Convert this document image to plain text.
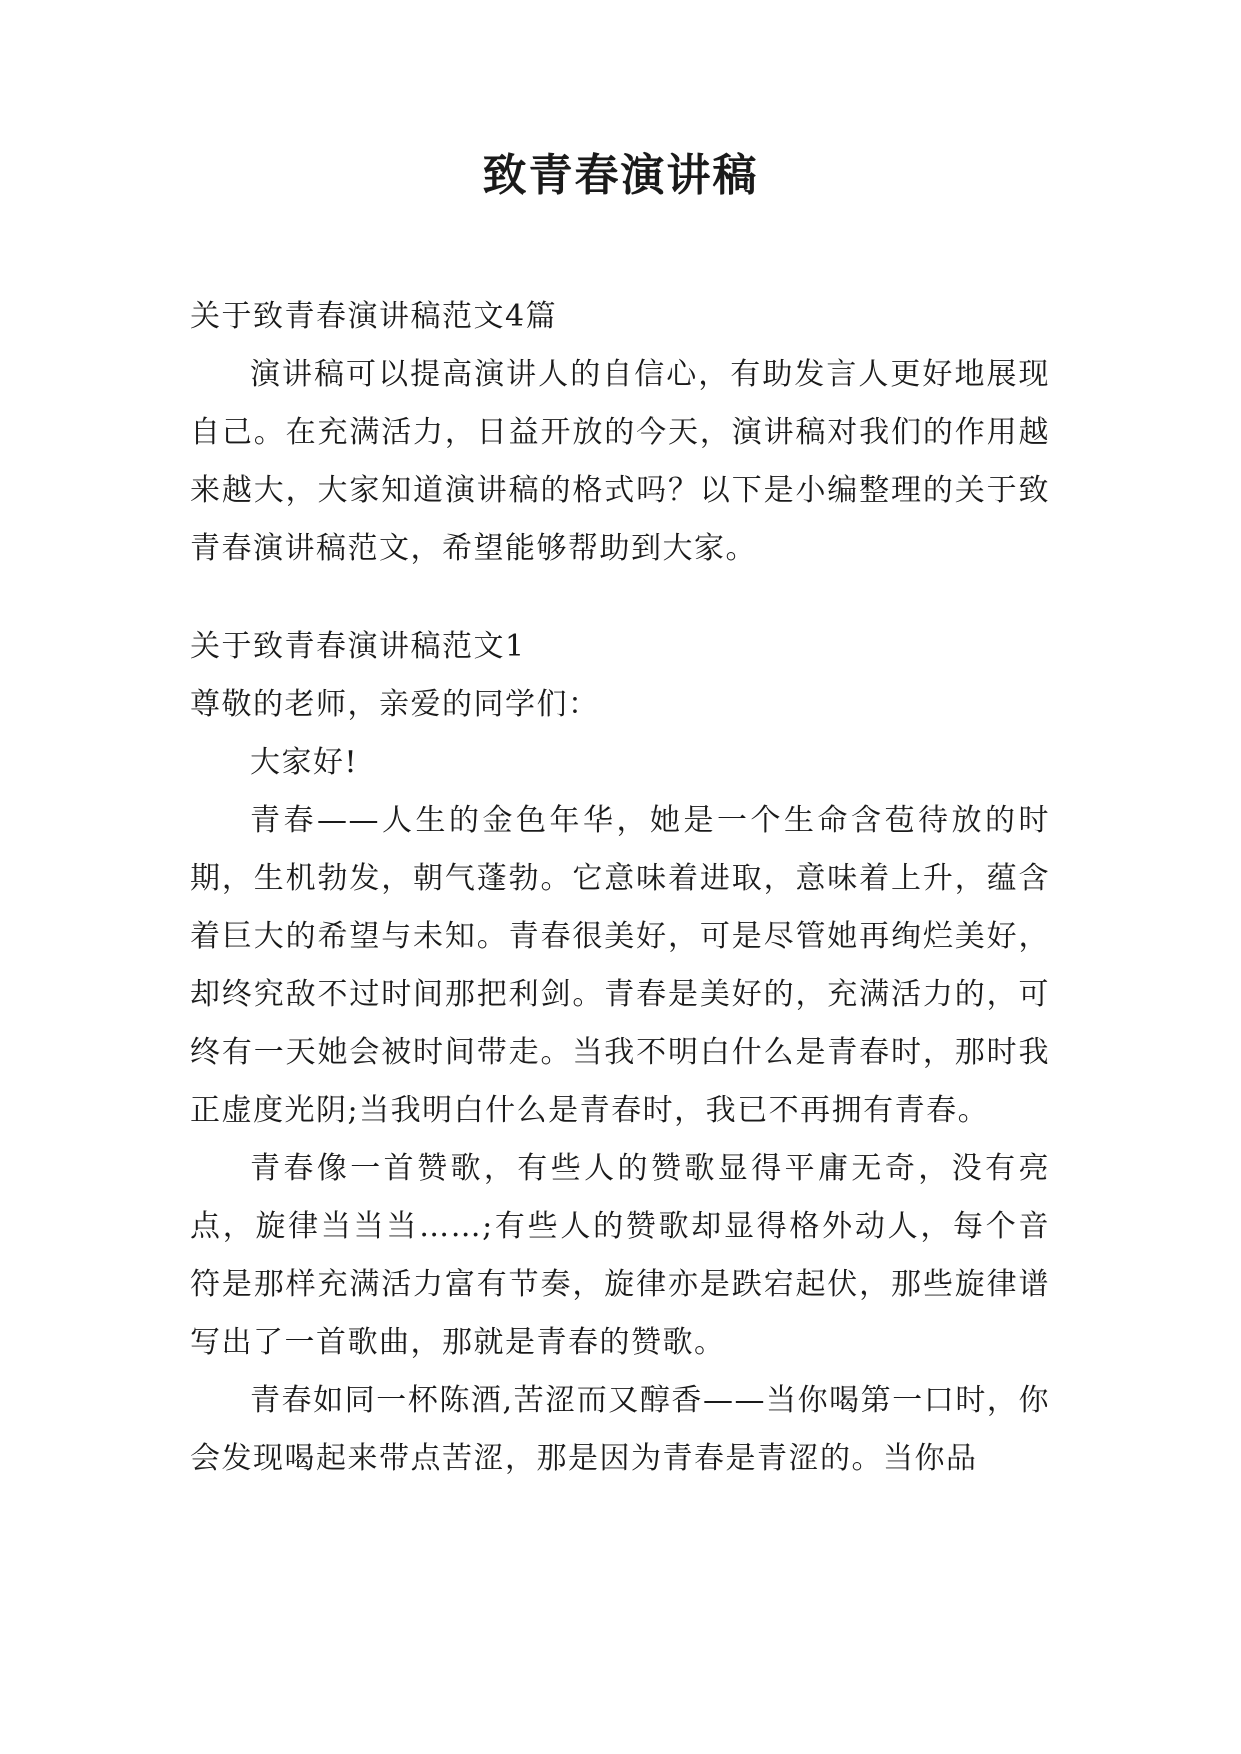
致青春演讲稿

关于致青春演讲稿范文4篇

演讲稿可以提高演讲人的自信心，有助发言人更好地展现自己。在充满活力，日益开放的今天，演讲稿对我们的作用越来越大，大家知道演讲稿的格式吗？以下是小编整理的关于致青春演讲稿范文，希望能够帮助到大家。

关于致青春演讲稿范文1

尊敬的老师，亲爱的同学们：

大家好!

青春——人生的金色年华，她是一个生命含苞待放的时期，生机勃发，朝气蓬勃。它意味着进取，意味着上升，蕴含着巨大的希望与未知。青春很美好，可是尽管她再绚烂美好，却终究敌不过时间那把利剑。青春是美好的，充满活力的，可终有一天她会被时间带走。当我不明白什么是青春时，那时我正虚度光阴;当我明白什么是青春时，我已不再拥有青春。

青春像一首赞歌，有些人的赞歌显得平庸无奇，没有亮点，旋律当当当……;有些人的赞歌却显得格外动人，每个音符是那样充满活力富有节奏，旋律亦是跌宕起伏，那些旋律谱写出了一首歌曲，那就是青春的赞歌。

青春如同一杯陈酒,苦涩而又醇香——当你喝第一口时，你会发现喝起来带点苦涩，那是因为青春是青涩的。当你品
